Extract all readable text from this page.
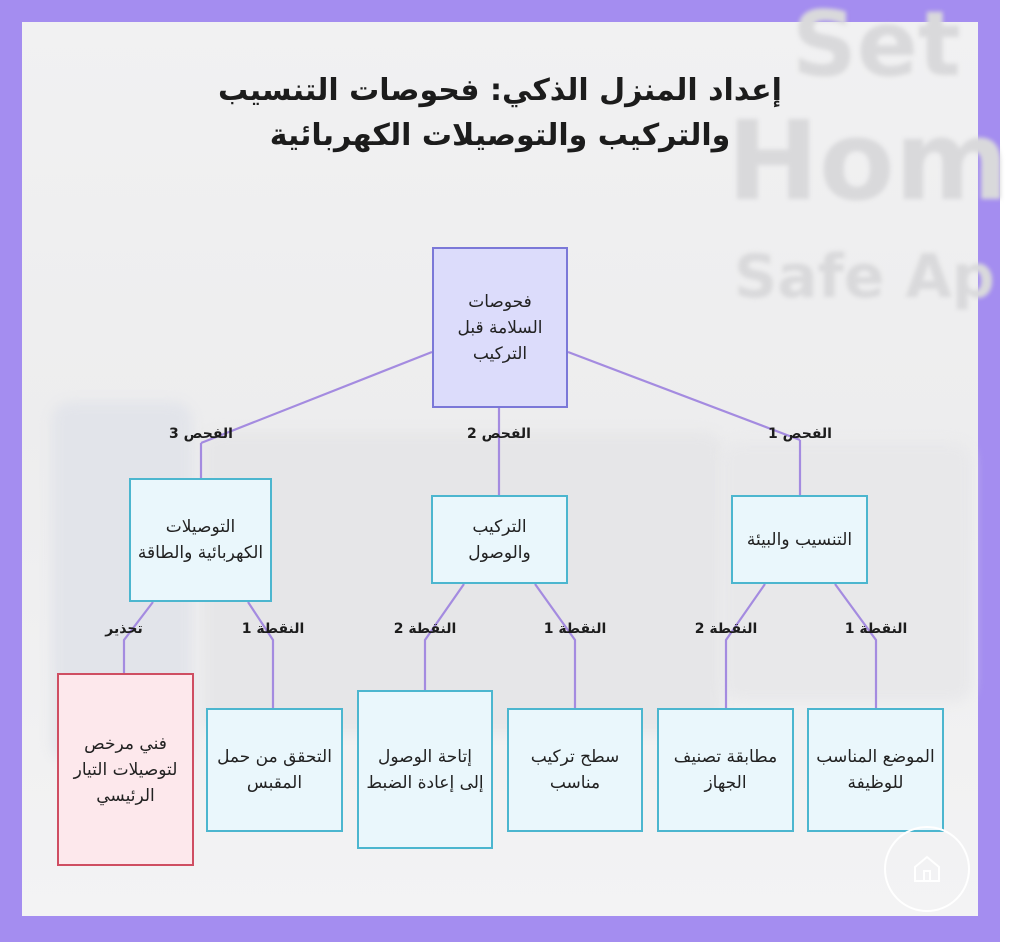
Set
Hom
Safe Ap
إعداد المنزل الذكي: فحوصات التنسيب والتركيب والتوصيلات الكهربائية
فحوصات السلامة قبل التركيب
التنسيب والبيئة
التركيب والوصول
التوصيلات الكهربائية والطاقة
الموضع المناسب للوظيفة
مطابقة تصنيف الجهاز
سطح تركيب مناسب
إتاحة الوصول إلى إعادة الضبط
التحقق من حمل المقبس
فني مرخص لتوصيلات التيار الرئيسي
الفحص 1
الفحص 2
الفحص 3
النقطة 1
النقطة 2
النقطة 1
النقطة 2
النقطة 1
تحذير
